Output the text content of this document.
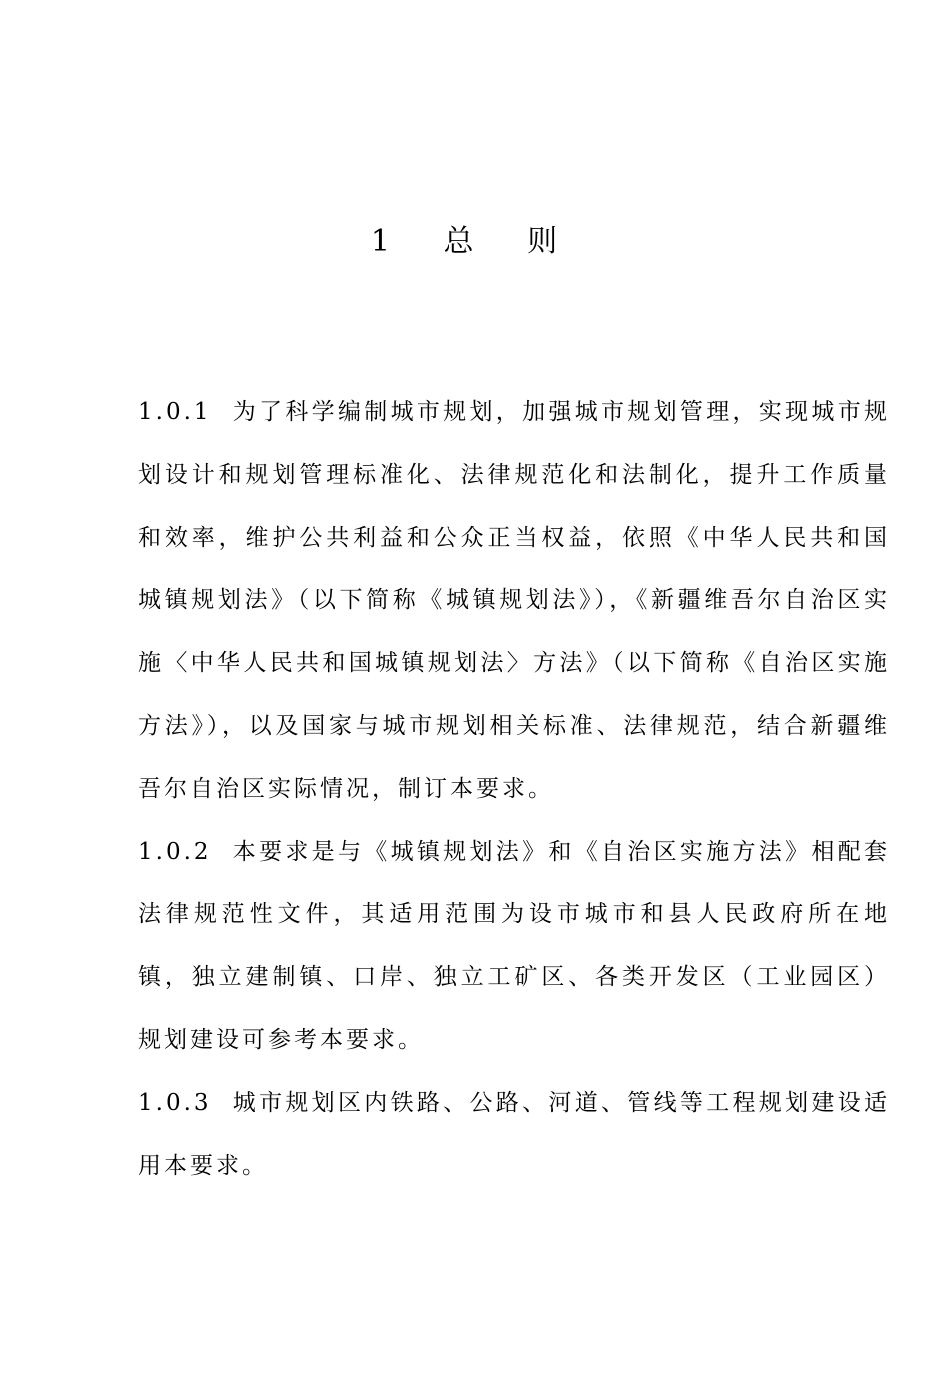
1 总 则

1.0.1 为了科学编制城市规划，加强城市规划管理，实现城市规划设计和规划管理标准化、法律规范化和法制化，提升工作质量和效率，维护公共利益和公众正当权益，依照《中华人民共和国城镇规划法》（以下简称《城镇规划法》），《新疆维吾尔自治区实施〈中华人民共和国城镇规划法〉方法》（以下简称《自治区实施方法》），以及国家与城市规划相关标准、法律规范，结合新疆维吾尔自治区实际情况，制订本要求。

1.0.2 本要求是与《城镇规划法》和《自治区实施方法》相配套法律规范性文件，其适用范围为设市城市和县人民政府所在地镇，独立建制镇、口岸、独立工矿区、各类开发区（工业园区）规划建设可参考本要求。

1.0.3 城市规划区内铁路、公路、河道、管线等工程规划建设适用本要求。
